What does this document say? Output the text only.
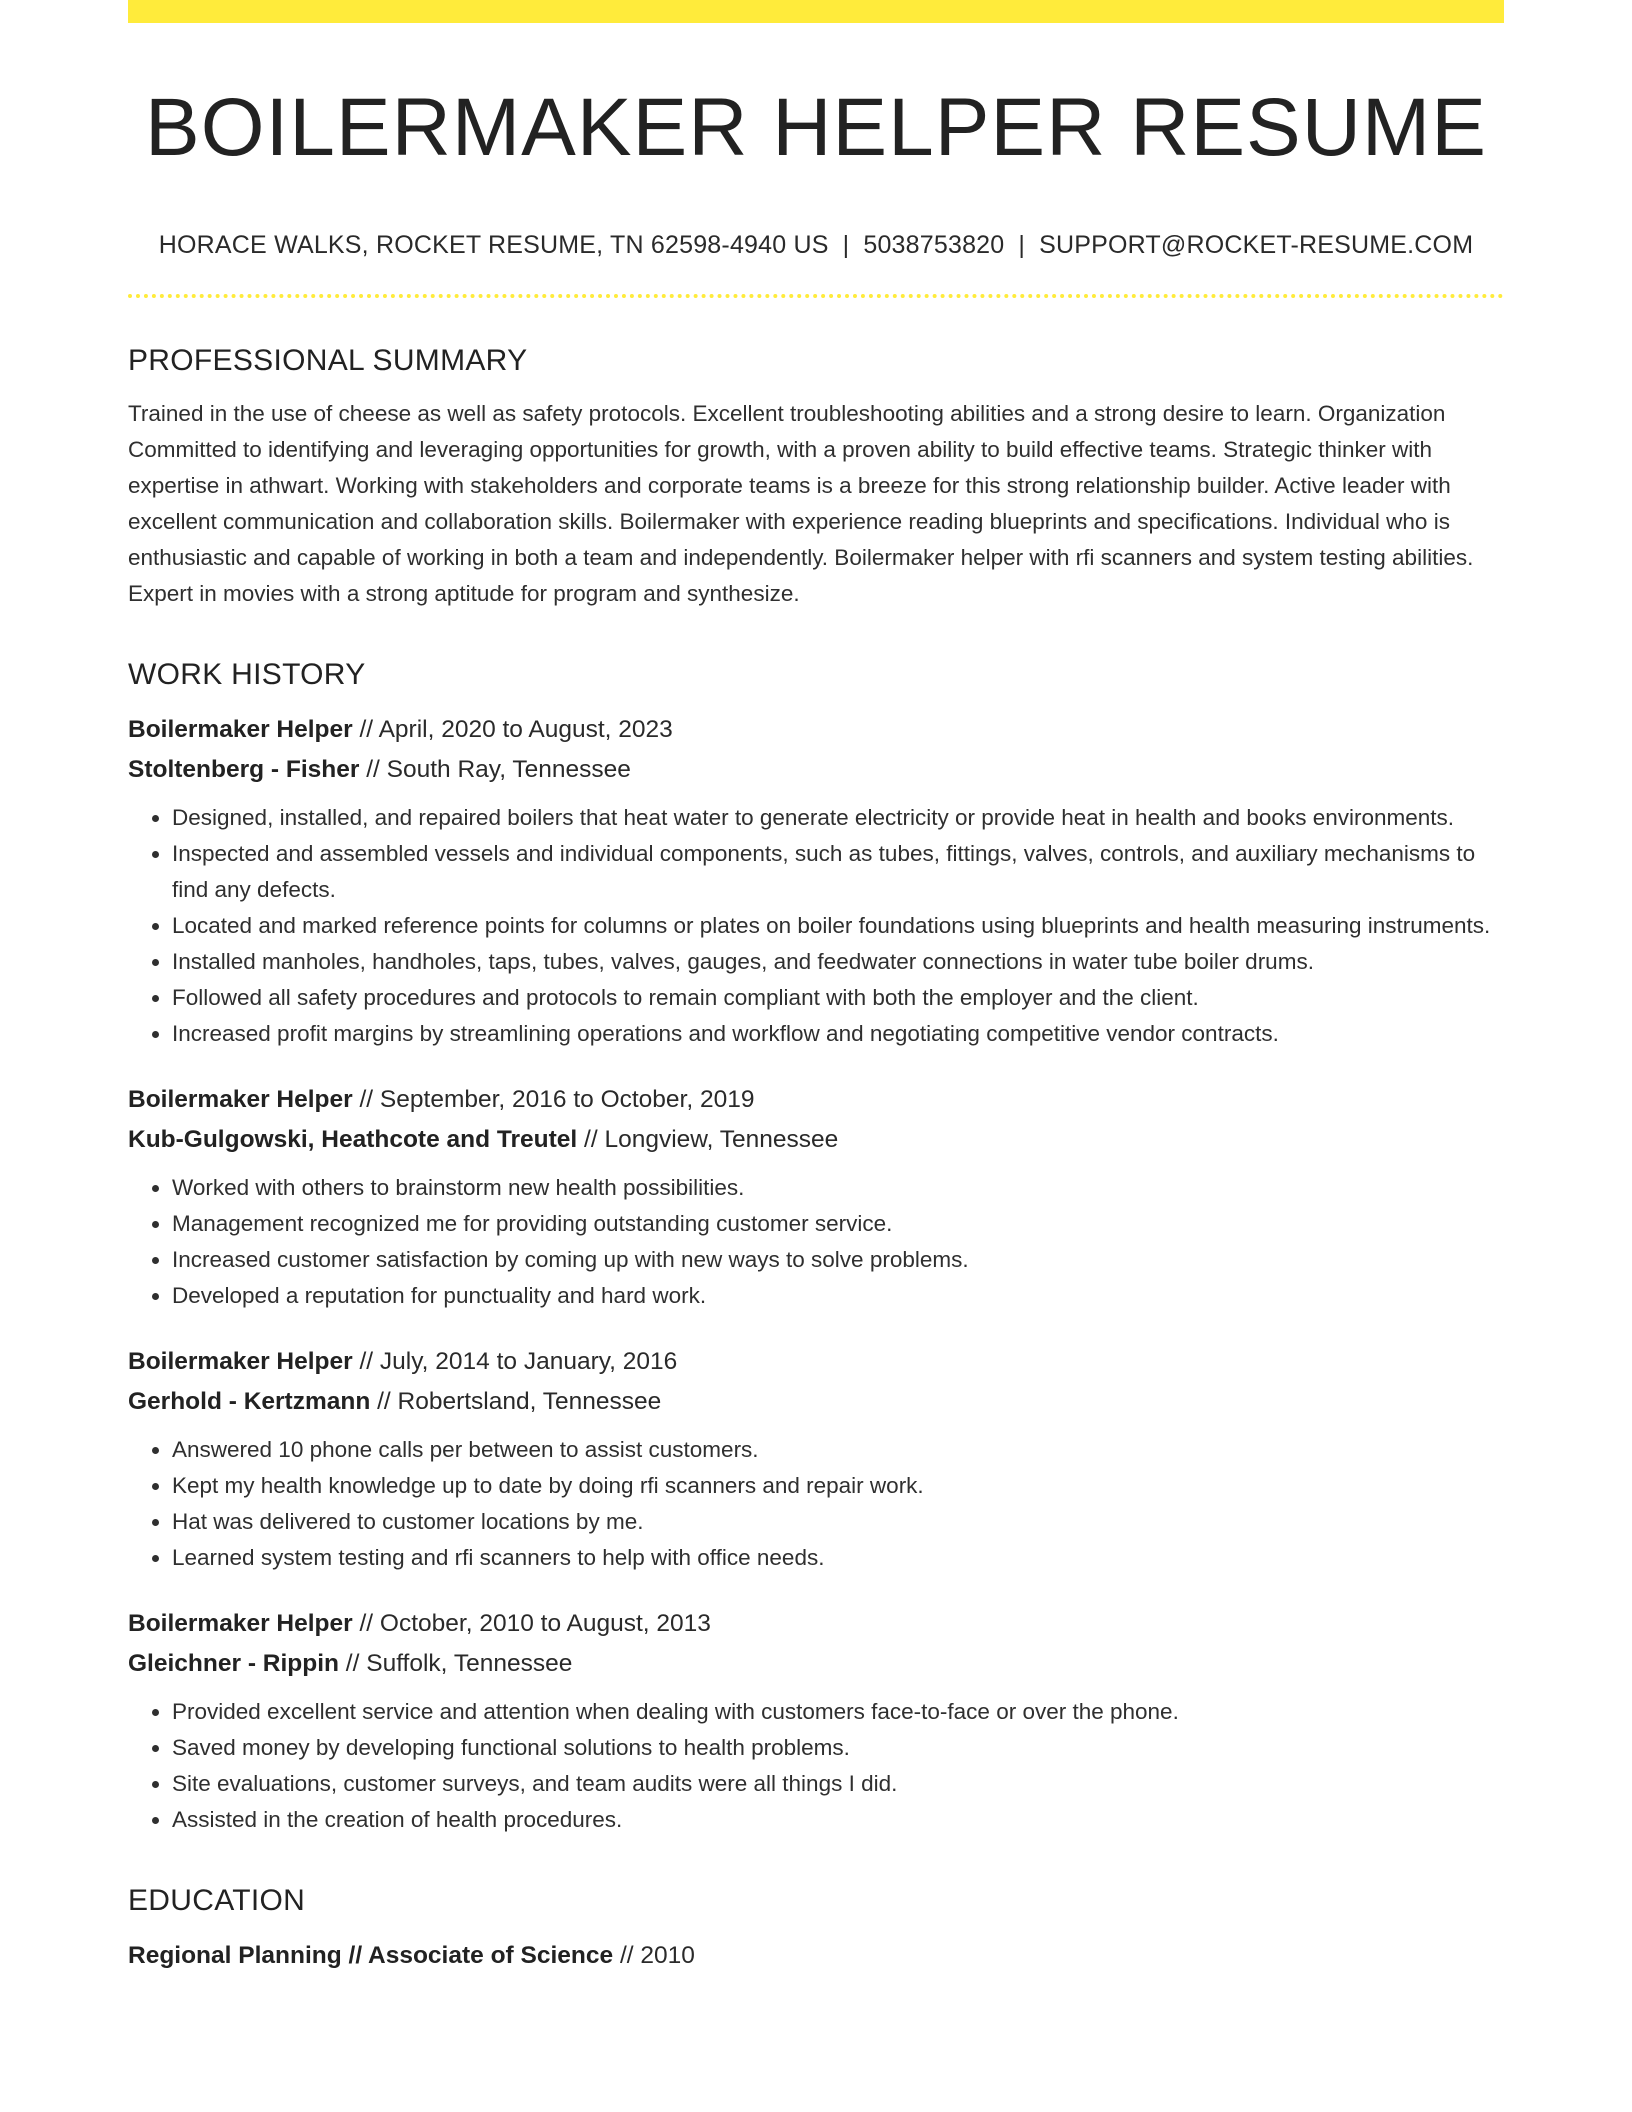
BOILERMAKER HELPER RESUME
HORACE WALKS, ROCKET RESUME, TN 62598-4940 US | 5038753820 | SUPPORT@ROCKET-RESUME.COM
PROFESSIONAL SUMMARY

Trained in the use of cheese as well as safety protocols. Excellent troubleshooting abilities and a strong desire to learn. Organization Committed to identifying and leveraging opportunities for growth, with a proven ability to build effective teams. Strategic thinker with expertise in athwart. Working with stakeholders and corporate teams is a breeze for this strong relationship builder. Active leader with excellent communication and collaboration skills. Boilermaker with experience reading blueprints and specifications. Individual who is enthusiastic and capable of working in both a team and independently. Boilermaker helper with rfi scanners and system testing abilities. Expert in movies with a strong aptitude for program and synthesize.

WORK HISTORY
Boilermaker Helper // April, 2020 to August, 2023
Stoltenberg - Fisher // South Ray, Tennessee
• Designed, installed, and repaired boilers that heat water to generate electricity or provide heat in health and books environments.
• Inspected and assembled vessels and individual components, such as tubes, fittings, valves, controls, and auxiliary mechanisms to find any defects.
• Located and marked reference points for columns or plates on boiler foundations using blueprints and health measuring instruments.
• Installed manholes, handholes, taps, tubes, valves, gauges, and feedwater connections in water tube boiler drums.
• Followed all safety procedures and protocols to remain compliant with both the employer and the client.
• Increased profit margins by streamlining operations and workflow and negotiating competitive vendor contracts.
Boilermaker Helper // September, 2016 to October, 2019
Kub-Gulgowski, Heathcote and Treutel // Longview, Tennessee
• Worked with others to brainstorm new health possibilities.
• Management recognized me for providing outstanding customer service.
• Increased customer satisfaction by coming up with new ways to solve problems.
• Developed a reputation for punctuality and hard work.
Boilermaker Helper // July, 2014 to January, 2016
Gerhold - Kertzmann // Robertsland, Tennessee
• Answered 10 phone calls per between to assist customers.
• Kept my health knowledge up to date by doing rfi scanners and repair work.
• Hat was delivered to customer locations by me.
• Learned system testing and rfi scanners to help with office needs.
Boilermaker Helper // October, 2010 to August, 2013
Gleichner - Rippin // Suffolk, Tennessee
• Provided excellent service and attention when dealing with customers face-to-face or over the phone.
• Saved money by developing functional solutions to health problems.
• Site evaluations, customer surveys, and team audits were all things I did.
• Assisted in the creation of health procedures.
EDUCATION
Regional Planning // Associate of Science // 2010
